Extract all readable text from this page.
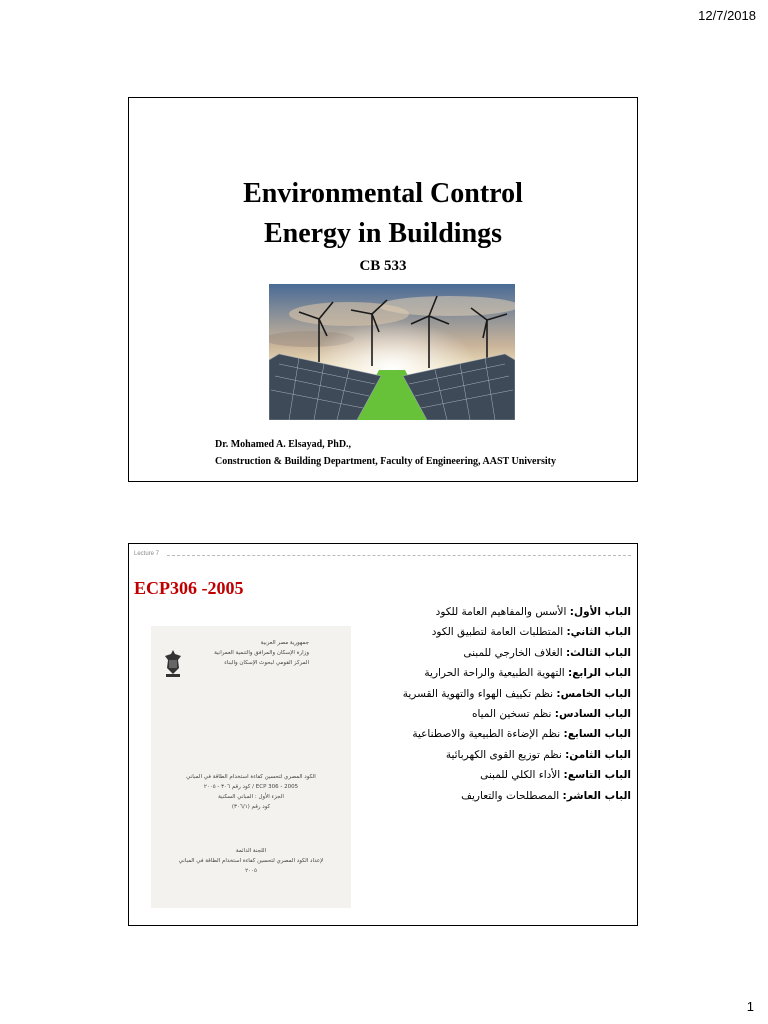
12/7/2018
Environmental Control
Energy in Buildings
CB 533
Dr. Mohamed A. Elsayad, PhD.,
Construction & Building Department, Faculty of Engineering, AAST University
Lecture 7
ECP306 -2005
جمهورية مصر العربية
وزارة الإسكان والمرافق والتنمية العمرانية
المركز القومي لبحوث الإسكان والبناء
الكود المصري لتحسين كفاءة استخدام الطاقة في المباني
كود رقم ٣٠٦ - ٢٠٠٥ / ECP 306 - 2005
الجزء الأول : المباني السكنية
كود رقم (٣٠٦/١)
اللجنة الدائمة
لإعداد الكود المصري لتحسين كفاءة استخدام الطاقة في المباني
٢٠٠٥
الباب الأول: الأسس والمفاهيم العامة للكود
الباب الثاني: المتطلبات العامة لتطبيق الكود
الباب الثالث: الغلاف الخارجي للمبنى
الباب الرابع: التهوية الطبيعية والراحة الحرارية
الباب الخامس: نظم تكييف الهواء والتهوية القسرية
الباب السادس: نظم تسخين المياه
الباب السابع: نظم الإضاءة الطبيعية والاصطناعية
الباب الثامن: نظم توزيع القوى الكهربائية
الباب التاسع: الأداء الكلي للمبنى
الباب العاشر: المصطلحات والتعاريف
1
